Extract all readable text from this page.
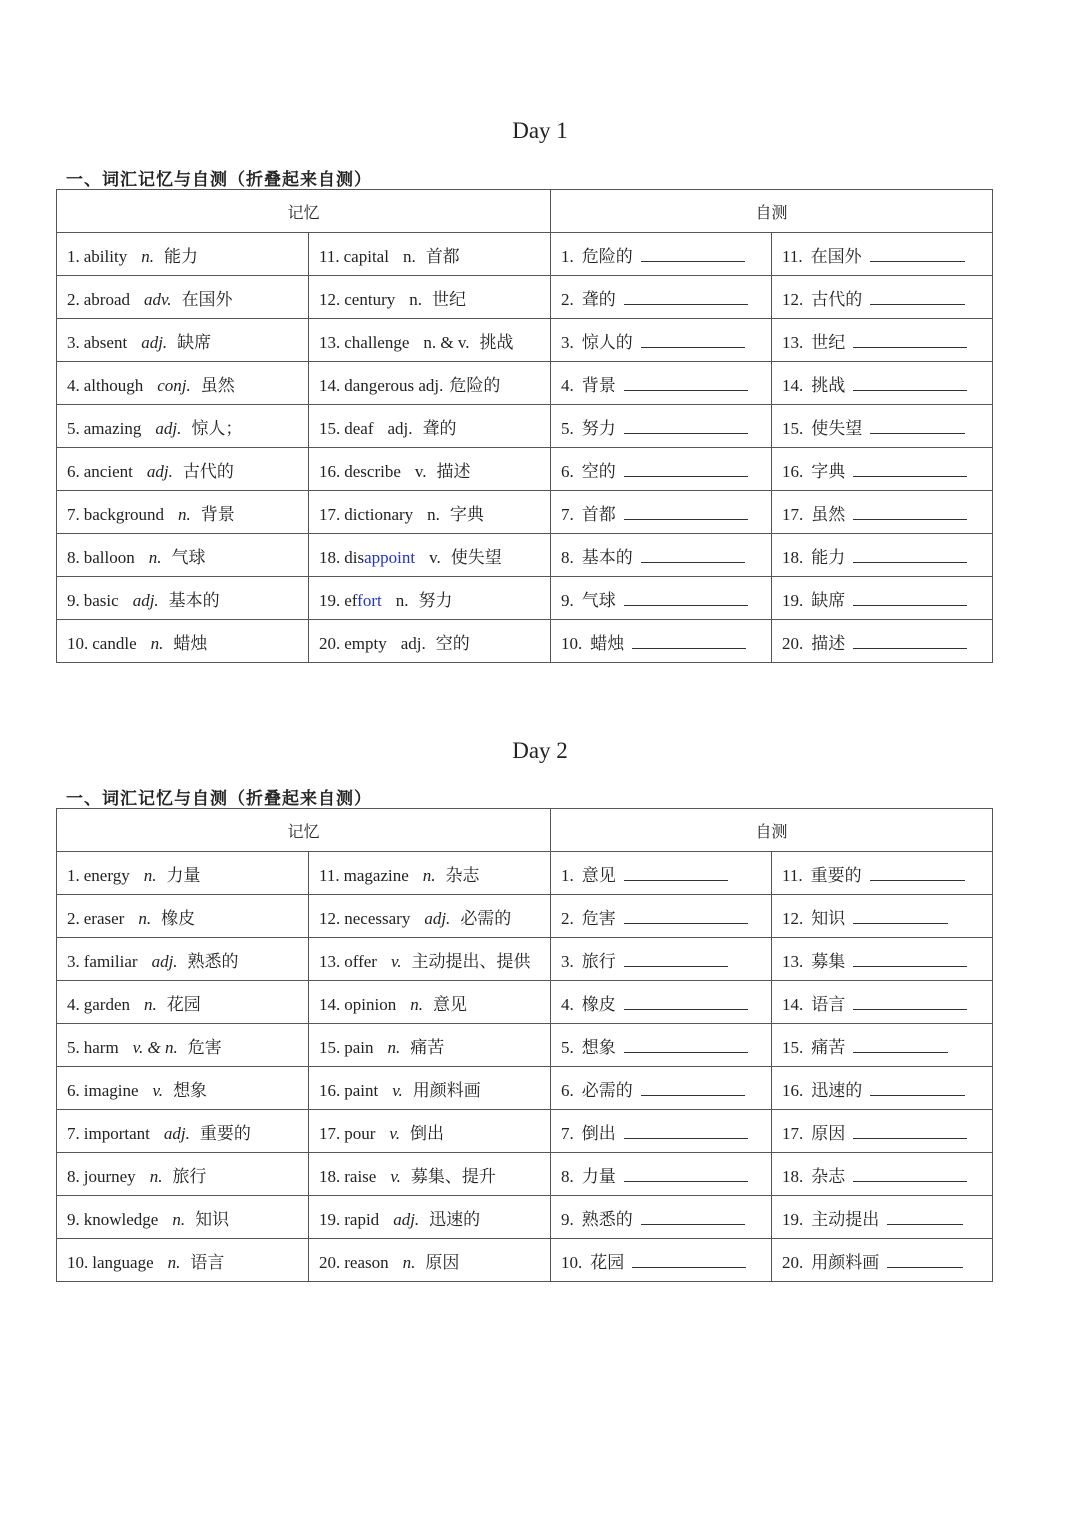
Day 1
一、词汇记忆与自测（折叠起来自测）
记忆		自测	
1. ability n. 能力	11. capital n. 首都	1. 危险的	11. 在国外
2. abroad adv. 在国外	12. century n. 世纪	2. 聋的	12. 古代的
3. absent adj. 缺席	13. challenge n. & v. 挑战	3. 惊人的	13. 世纪
4. although conj. 虽然	14. dangerous adj. 危险的	4. 背景	14. 挑战
5. amazing adj. 惊人；	15. deaf adj. 聋的	5. 努力	15. 使失望
6. ancient adj. 古代的	16. describe v. 描述	6. 空的	16. 字典
7. background n. 背景	17. dictionary n. 字典	7. 首都	17. 虽然
8. balloon n. 气球	18. disappoint v. 使失望	8. 基本的	18. 能力
9. basic adj. 基本的	19. effort n. 努力	9. 气球	19. 缺席
10. candle n. 蜡烛	20. empty adj. 空的	10. 蜡烛	20. 描述
Day 2
一、词汇记忆与自测（折叠起来自测）
记忆		自测	
1. energy n. 力量	11. magazine n. 杂志	1. 意见	11. 重要的
2. eraser n. 橡皮	12. necessary adj. 必需的	2. 危害	12. 知识
3. familiar adj. 熟悉的	13. offer v. 主动提出、提供	3. 旅行	13. 募集
4. garden n. 花园	14. opinion n. 意见	4. 橡皮	14. 语言
5. harm v. & n. 危害	15. pain n. 痛苦	5. 想象	15. 痛苦
6. imagine v. 想象	16. paint v. 用颜料画	6. 必需的	16. 迅速的
7. important adj. 重要的	17. pour v. 倒出	7. 倒出	17. 原因
8. journey n. 旅行	18. raise v. 募集、提升	8. 力量	18. 杂志
9. knowledge n. 知识	19. rapid adj. 迅速的	9. 熟悉的	19. 主动提出
10. language n. 语言	20. reason n. 原因	10. 花园	20. 用颜料画
